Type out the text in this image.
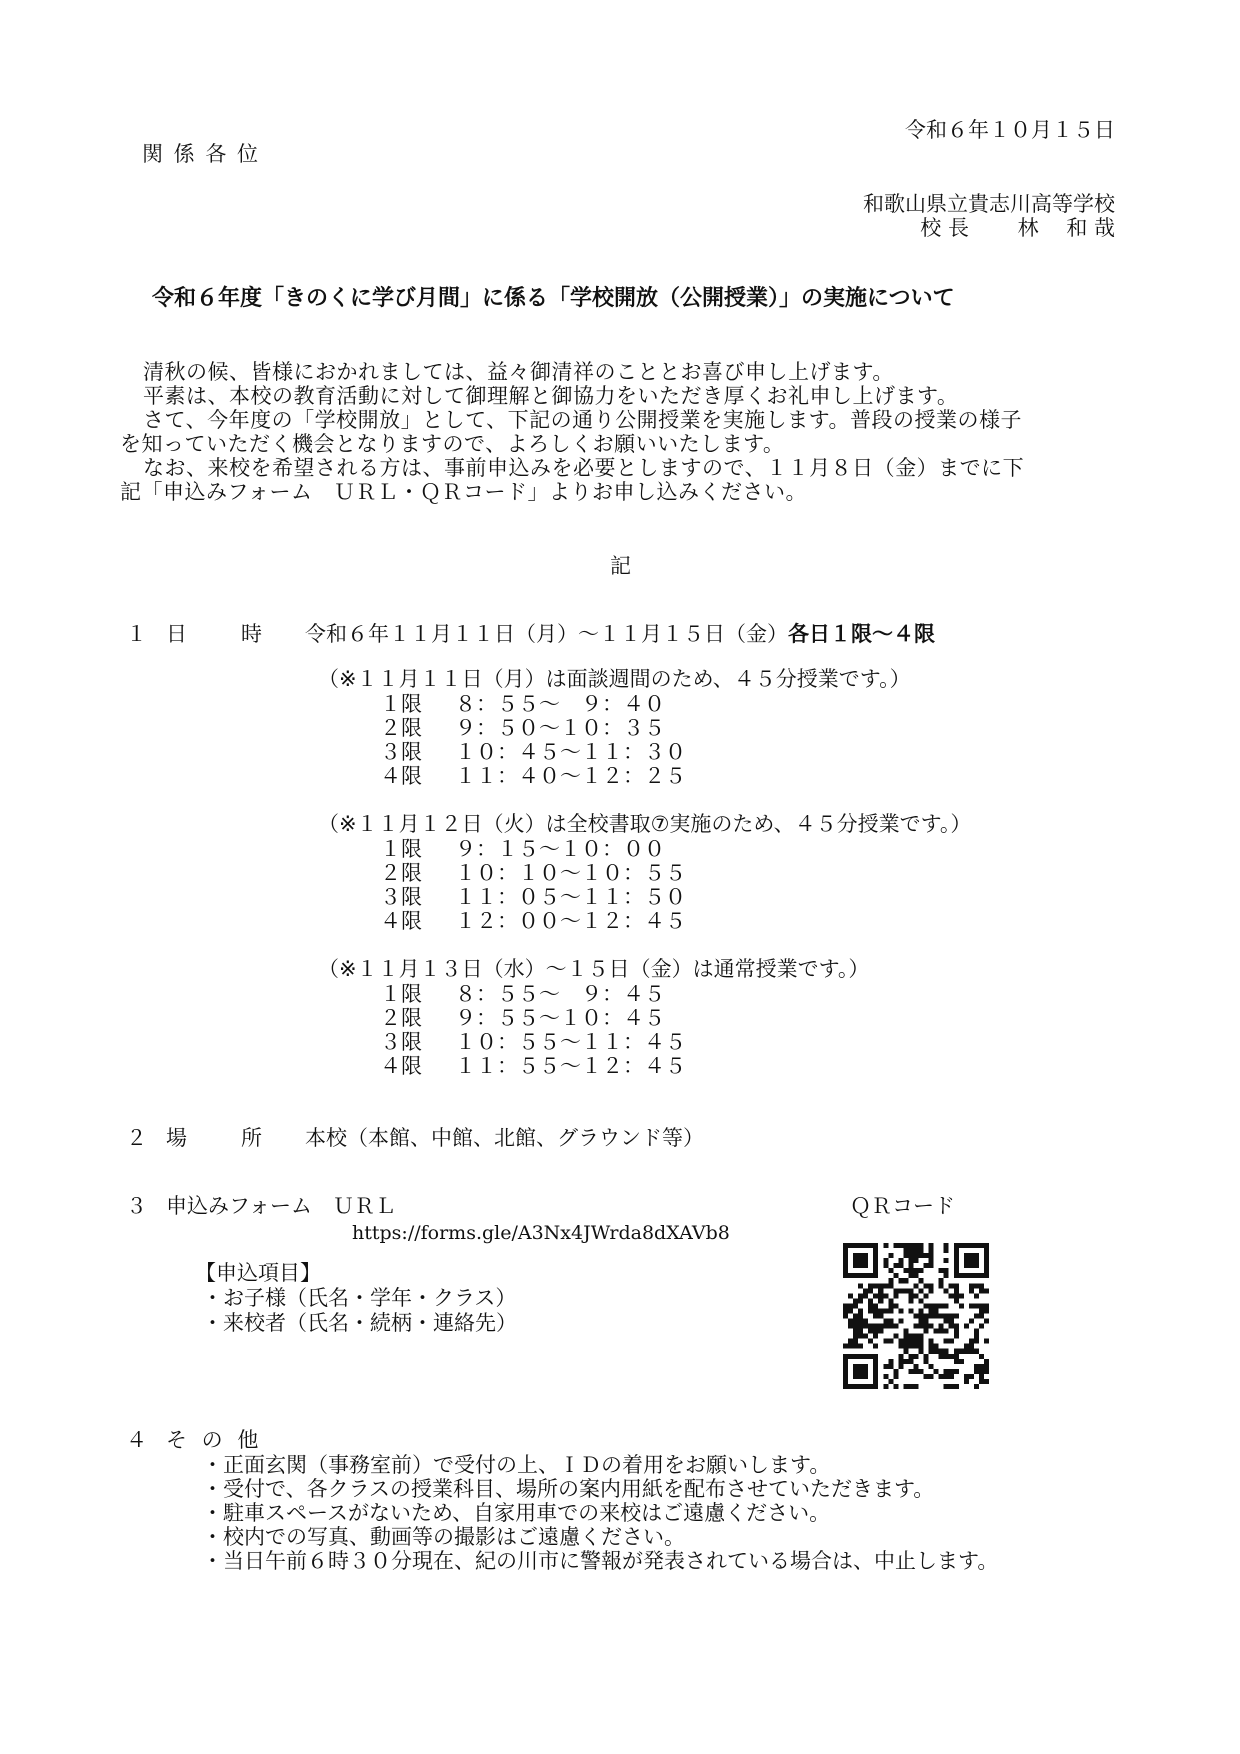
令和６年１０月１５日
関 係 各 位
和歌山県立貴志川高等学校
校 長　　 林　 和 哉
令和６年度「きのくに学び月間」に係る「学校開放（公開授業）」の実施について
清秋の候、皆様におかれましては、益々御清祥のこととお喜び申し上げます。
平素は、本校の教育活動に対して御理解と御協力をいただき厚くお礼申し上げます。
さて、今年度の「学校開放」として、下記の通り公開授業を実施します。普段の授業の様子
を知っていただく機会となりますので、よろしくお願いいたします。
なお、来校を希望される方は、事前申込みを必要としますので、１１月８日（金）までに下
記「申込みフォーム　ＵＲＬ・ＱＲコード」よりお申し込みください。
記
１ 日　　時 令和６年１１月１１日（月）～１１月１５日（金）各日１限～４限
（※１１月１１日（月）は面談週間のため、４５分授業です。）
１限 ８：５５～　９：４０
２限 ９：５０～１０：３５
３限 １０：４５～１１：３０
４限 １１：４０～１２：２５
（※１１月１２日（火）は全校書取⑦実施のため、４５分授業です。）
１限 ９：１５～１０：００
２限 １０：１０～１０：５５
３限 １１：０５～１１：５０
４限 １２：００～１２：４５
（※１１月１３日（水）～１５日（金）は通常授業です。）
１限 ８：５５～　９：４５
２限 ９：５５～１０：４５
３限 １０：５５～１１：４５
４限 １１：５５～１２：４５
２ 場　　所 本校（本館、中館、北館、グラウンド等）
３ 申込みフォーム　ＵＲＬ
https://forms.gle/A3Nx4JWrda8dXAVb8
ＱＲコード
【申込項目】
・お子様（氏名・学年・クラス）
・来校者（氏名・続柄・連絡先）
４ そ の 他
・正面玄関（事務室前）で受付の上、ＩＤの着用をお願いします。
・受付で、各クラスの授業科目、場所の案内用紙を配布させていただきます。
・駐車スペースがないため、自家用車での来校はご遠慮ください。
・校内での写真、動画等の撮影はご遠慮ください。
・当日午前６時３０分現在、紀の川市に警報が発表されている場合は、中止します。
